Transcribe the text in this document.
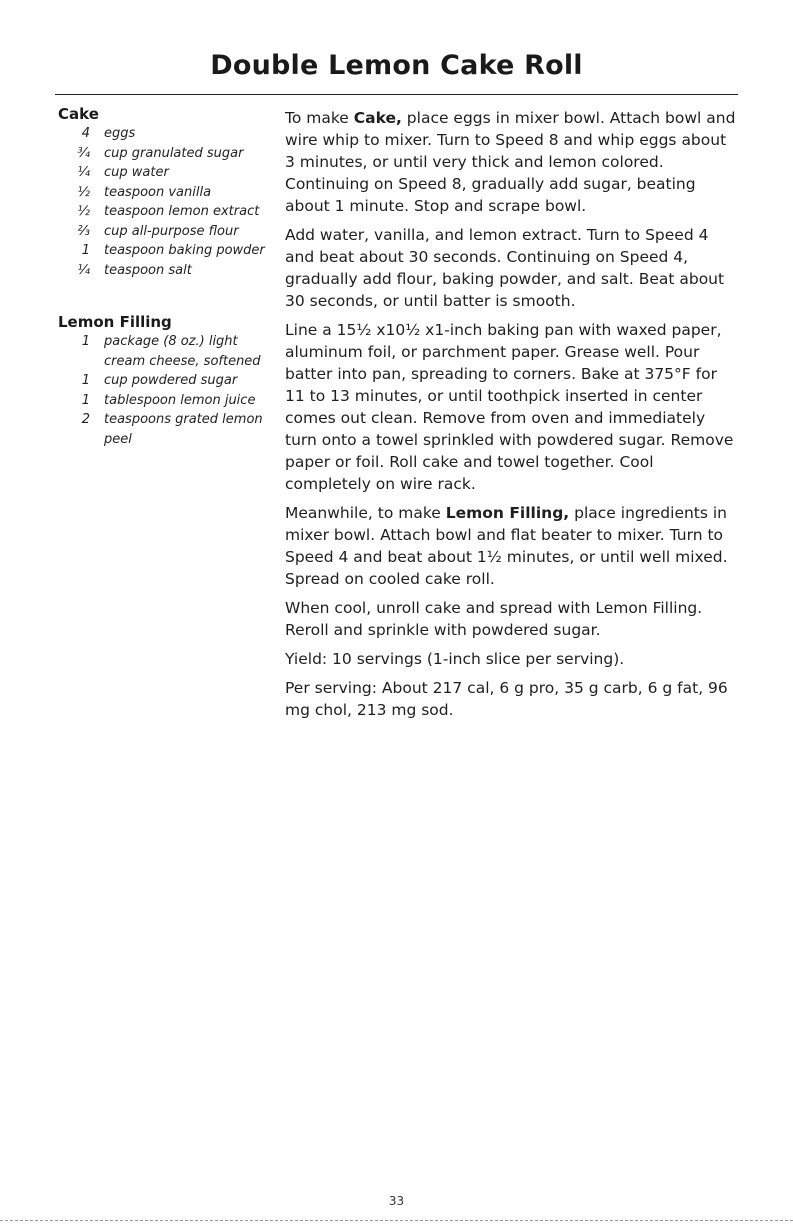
Double Lemon Cake Roll
Cake
4 eggs
¾ cup granulated sugar
¼ cup water
½ teaspoon vanilla
½ teaspoon lemon extract
⅔ cup all-purpose flour
1 teaspoon baking powder
¼ teaspoon salt
Lemon Filling
1 package (8 oz.) light cream cheese, softened
1 cup powdered sugar
1 tablespoon lemon juice
2 teaspoons grated lemon peel

To make Cake, place eggs in mixer bowl. Attach bowl and wire whip to mixer. Turn to Speed 8 and whip eggs about 3 minutes, or until very thick and lemon colored. Continuing on Speed 8, gradually add sugar, beating about 1 minute. Stop and scrape bowl.

Add water, vanilla, and lemon extract. Turn to Speed 4 and beat about 30 seconds. Continuing on Speed 4, gradually add flour, baking powder, and salt. Beat about 30 seconds, or until batter is smooth.

Line a 15½ x10½ x1-inch baking pan with waxed paper, aluminum foil, or parchment paper. Grease well. Pour batter into pan, spreading to corners. Bake at 375°F for 11 to 13 minutes, or until toothpick inserted in center comes out clean. Remove from oven and immediately turn onto a towel sprinkled with powdered sugar. Remove paper or foil. Roll cake and towel together. Cool completely on wire rack.

Meanwhile, to make Lemon Filling, place ingredients in mixer bowl. Attach bowl and flat beater to mixer. Turn to Speed 4 and beat about 1½ minutes, or until well mixed. Spread on cooled cake roll.

When cool, unroll cake and spread with Lemon Filling. Reroll and sprinkle with powdered sugar.

Yield: 10 servings (1-inch slice per serving).

Per serving: About 217 cal, 6 g pro, 35 g carb, 6 g fat, 96 mg chol, 213 mg sod.

33
